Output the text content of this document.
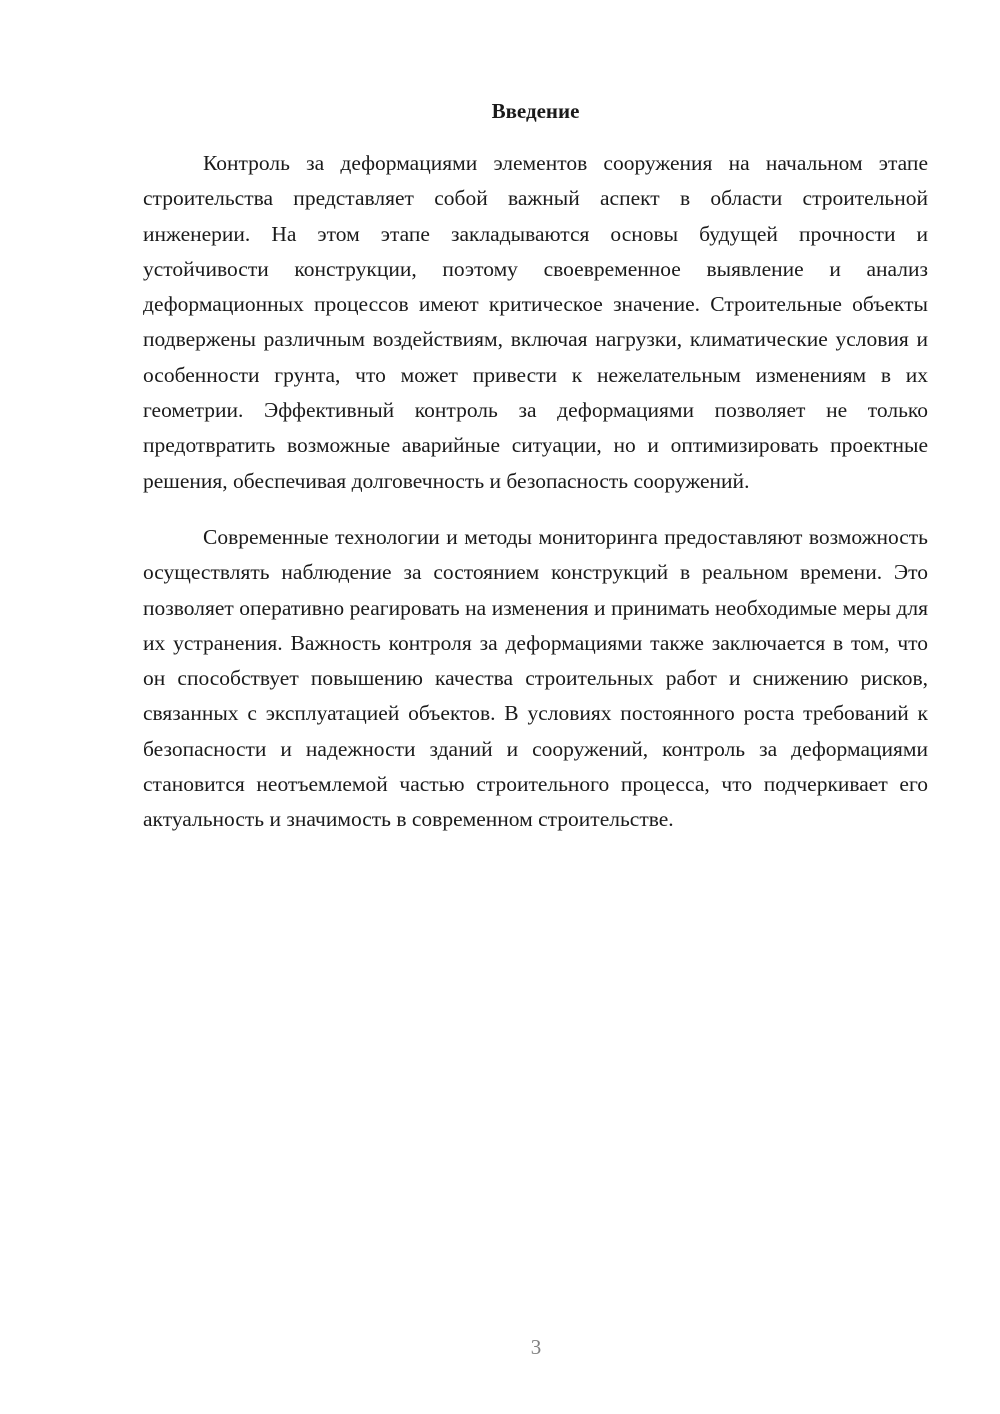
Введение

Контроль за деформациями элементов сооружения на начальном этапе строительства представляет собой важный аспект в области строительной инженерии. На этом этапе закладываются основы будущей прочности и устойчивости конструкции, поэтому своевременное выявление и анализ деформационных процессов имеют критическое значение. Строительные объекты подвержены различным воздействиям, включая нагрузки, климатические условия и особенности грунта, что может привести к нежелательным изменениям в их геометрии. Эффективный контроль за деформациями позволяет не только предотвратить возможные аварийные ситуации, но и оптимизировать проектные решения, обеспечивая долговечность и безопасность сооружений.

Современные технологии и методы мониторинга предоставляют возможность осуществлять наблюдение за состоянием конструкций в реальном времени. Это позволяет оперативно реагировать на изменения и принимать необходимые меры для их устранения. Важность контроля за деформациями также заключается в том, что он способствует повышению качества строительных работ и снижению рисков, связанных с эксплуатацией объектов. В условиях постоянного роста требований к безопасности и надежности зданий и сооружений, контроль за деформациями становится неотъемлемой частью строительного процесса, что подчеркивает его актуальность и значимость в современном строительстве.

3
